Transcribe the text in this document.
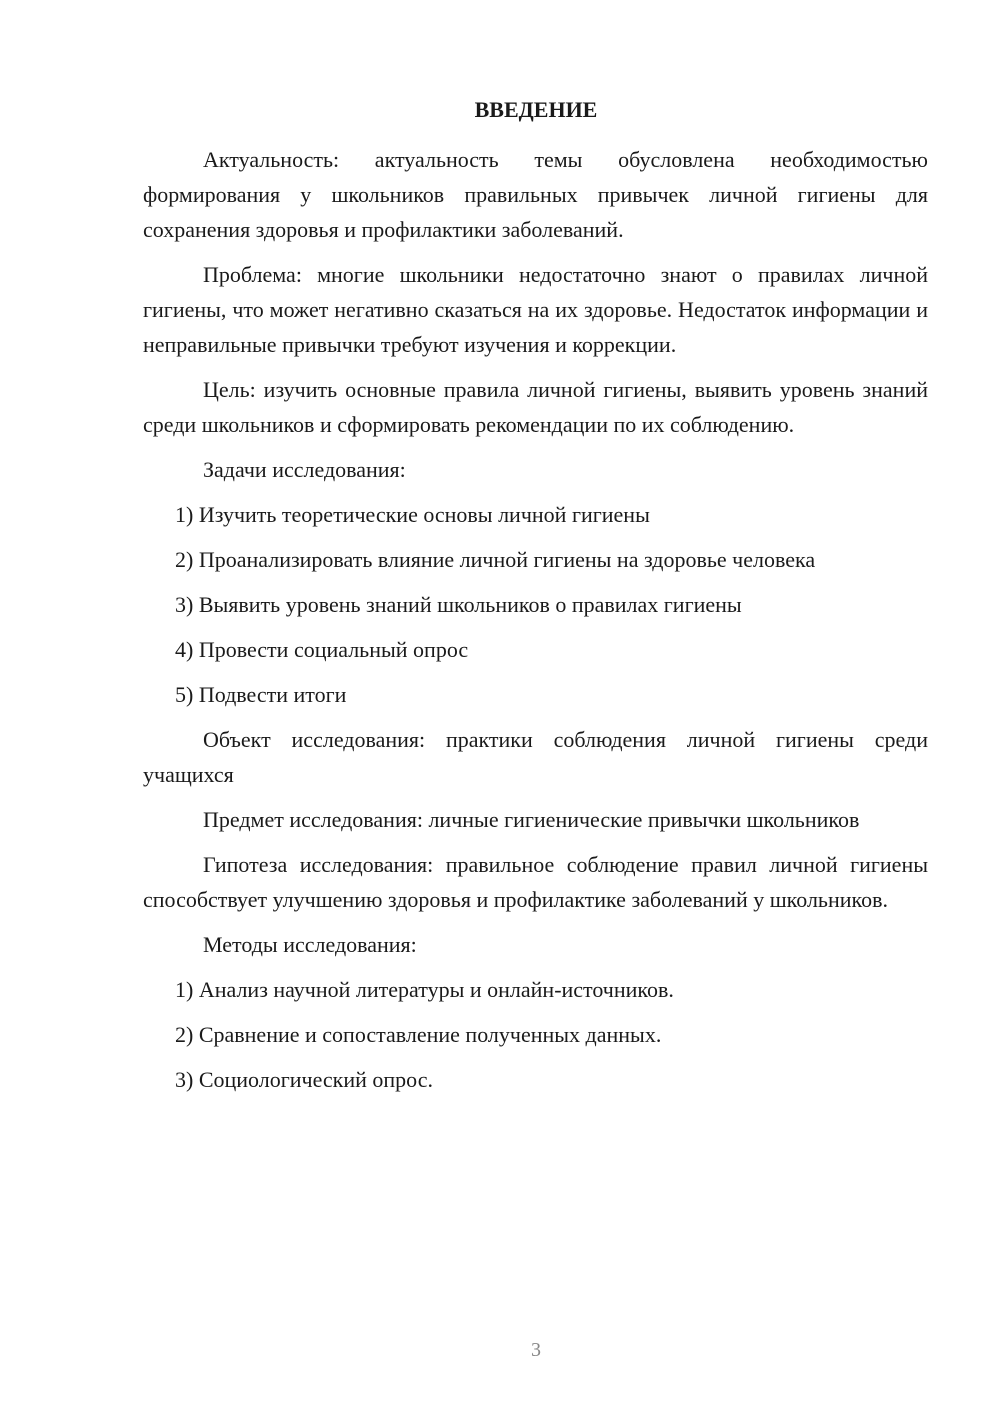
ВВЕДЕНИЕ

Актуальность: актуальность темы обусловлена необходимостью формирования у школьников правильных привычек личной гигиены для сохранения здоровья и профилактики заболеваний.

Проблема: многие школьники недостаточно знают о правилах личной гигиены, что может негативно сказаться на их здоровье. Недостаток информации и неправильные привычки требуют изучения и коррекции.

Цель: изучить основные правила личной гигиены, выявить уровень знаний среди школьников и сформировать рекомендации по их соблюдению.

Задачи исследования:

1) Изучить теоретические основы личной гигиены
2) Проанализировать влияние личной гигиены на здоровье человека
3) Выявить уровень знаний школьников о правилах гигиены
4) Провести социальный опрос
5) Подвести итоги

Объект исследования: практики соблюдения личной гигиены среди учащихся

Предмет исследования: личные гигиенические привычки школьников

Гипотеза исследования: правильное соблюдение правил личной гигиены способствует улучшению здоровья и профилактике заболеваний у школьников.

Методы исследования:

1) Анализ научной литературы и онлайн-источников.
2) Сравнение и сопоставление полученных данных.
3) Социологический опрос.
3
